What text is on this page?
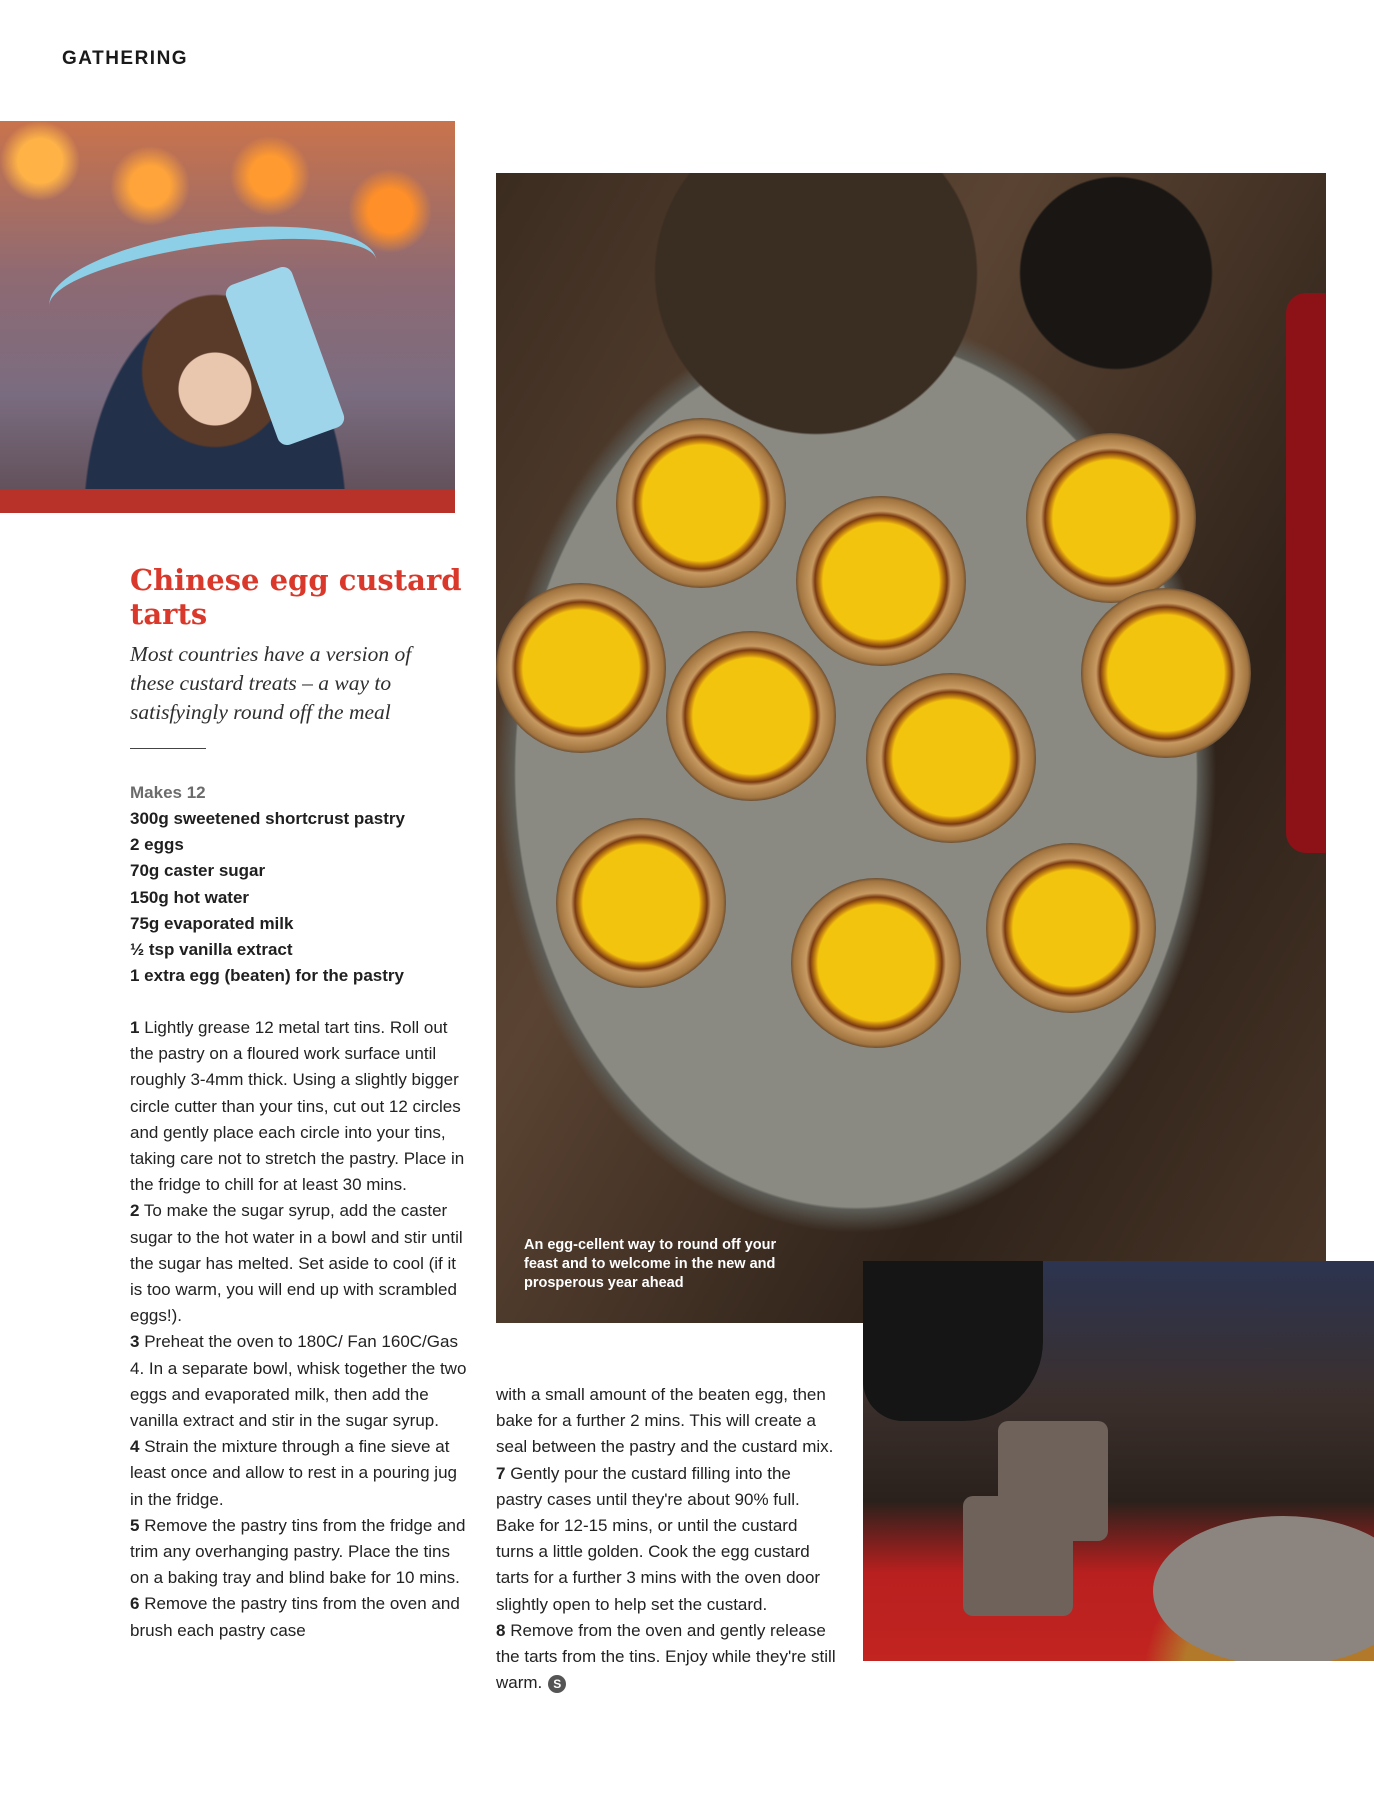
GATHERING
An egg-cellent way to round off your feast and to welcome in the new and prosperous year ahead
Chinese egg custard tarts

Most countries have a version of these custard treats – a way to satisfyingly round off the meal

Makes 12
300g sweetened shortcrust pastry
2 eggs
70g caster sugar
150g hot water
75g evaporated milk
½ tsp vanilla extract
1 extra egg (beaten) for the pastry

1 Lightly grease 12 metal tart tins. Roll out the pastry on a floured work surface until roughly 3-4mm thick. Using a slightly bigger circle cutter than your tins, cut out 12 circles and gently place each circle into your tins, taking care not to stretch the pastry. Place in the fridge to chill for at least 30 mins.

2 To make the sugar syrup, add the caster sugar to the hot water in a bowl and stir until the sugar has melted. Set aside to cool (if it is too warm, you will end up with scrambled eggs!).

3 Preheat the oven to 180C/ Fan 160C/Gas 4. In a separate bowl, whisk together the two eggs and evaporated milk, then add the vanilla extract and stir in the sugar syrup.

4 Strain the mixture through a fine sieve at least once and allow to rest in a pouring jug in the fridge.

5 Remove the pastry tins from the fridge and trim any overhanging pastry. Place the tins on a baking tray and blind bake for 10 mins.

6 Remove the pastry tins from the oven and brush each pastry case

with a small amount of the beaten egg, then bake for a further 2 mins. This will create a seal between the pastry and the custard mix.

7 Gently pour the custard filling into the pastry cases until they're about 90% full. Bake for 12-15 mins, or until the custard turns a little golden. Cook the egg custard tarts for a further 3 mins with the oven door slightly open to help set the custard.

8 Remove from the oven and gently release the tarts from the tins. Enjoy while they're still warm. S
